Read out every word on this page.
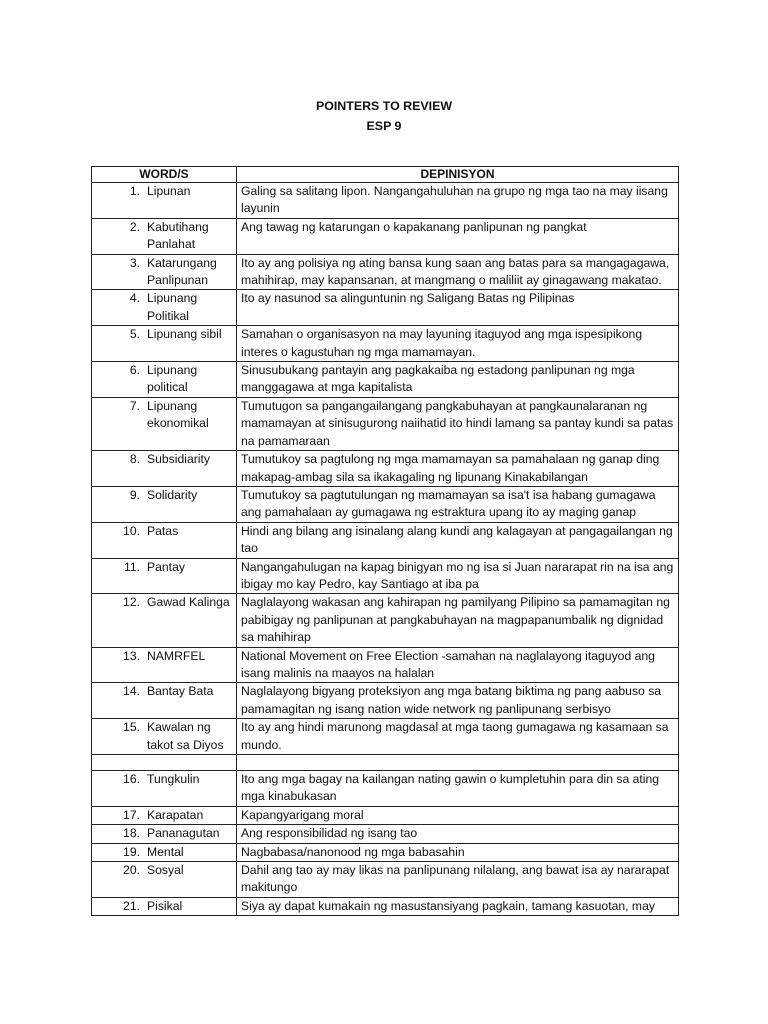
POINTERS TO REVIEW
ESP 9
WORD/S	DEPINISYON

1. Lipunan	Galing sa salitang lipon. Nangangahuluhan na grupo ng mga tao na may iisang layunin

2. Kabutihang Panlahat	Ang tawag ng katarungan o kapakanang panlipunan ng pangkat

3. Katarungang Panlipunan	Ito ay ang polisiya ng ating bansa kung saan ang batas para sa mangagagawa, mahihirap, may kapansanan, at mangmang o maliliit ay ginagawang makatao.

4. Lipunang Politikal	Ito ay nasunod sa alinguntunin ng Saligang Batas ng Pilipinas

5. Lipunang sibil	Samahan o organisasyon na may layuning itaguyod ang mga ispesipikong interes o kagustuhan ng mga mamamayan.

6. Lipunang political	Sinusubukang pantayin ang pagkakaiba ng estadong panlipunan ng mga manggagawa at mga kapitalista

7. Lipunang ekonomikal	Tumutugon sa pangangailangang pangkabuhayan at pangkaunalaranan ng mamamayan at sinisugurong naiihatid ito hindi lamang sa pantay kundi sa patas na pamamaraan

8. Subsidiarity	Tumutukoy sa pagtulong ng mga mamamayan sa pamahalaan ng ganap ding makapag-ambag sila sa ikakagaling ng lipunang Kinakabilangan

9. Solidarity	Tumutukoy sa pagtutulungan ng mamamayan sa isa't isa habang gumagawa ang pamahalaan ay gumagawa ng estraktura upang ito ay maging ganap

10. Patas	Hindi ang bilang ang isinalang alang kundi ang kalagayan at pangagailangan ng tao

11. Pantay	Nangangahulugan na kapag binigyan mo ng isa si Juan nararapat rin na isa ang ibigay mo kay Pedro, kay Santiago at iba pa

12. Gawad Kalinga	Naglalayong wakasan ang kahirapan ng pamilyang Pilipino sa pamamagitan ng pabibigay ng panlipunan at pangkabuhayan na magpapanumbalik ng dignidad sa mahihirap

13. NAMRFEL	National Movement on Free Election -samahan na naglalayong itaguyod ang isang malinis na maayos na halalan

14. Bantay Bata	Naglalayong bigyang proteksiyon ang mga batang biktima ng pang aabuso sa pamamagitan ng isang nation wide network ng panlipunang serbisyo

15. Kawalan ng takot sa Diyos	Ito ay ang hindi marunong magdasal at mga taong gumagawa ng kasamaan sa mundo.

16. Tungkulin	Ito ang mga bagay na kailangan nating gawin o kumpletuhin para din sa ating mga kinabukasan

17. Karapatan	Kapangyarigang moral

18. Pananagutan	Ang responsibilidad ng isang tao

19. Mental	Nagbabasa/nanonood ng mga babasahin

20. Sosyal	Dahil ang tao ay may likas na panlipunang nilalang, ang bawat isa ay nararapat makitungo

21. Pisikal	Siya ay dapat kumakain ng masustansiyang pagkain, tamang kasuotan, may
